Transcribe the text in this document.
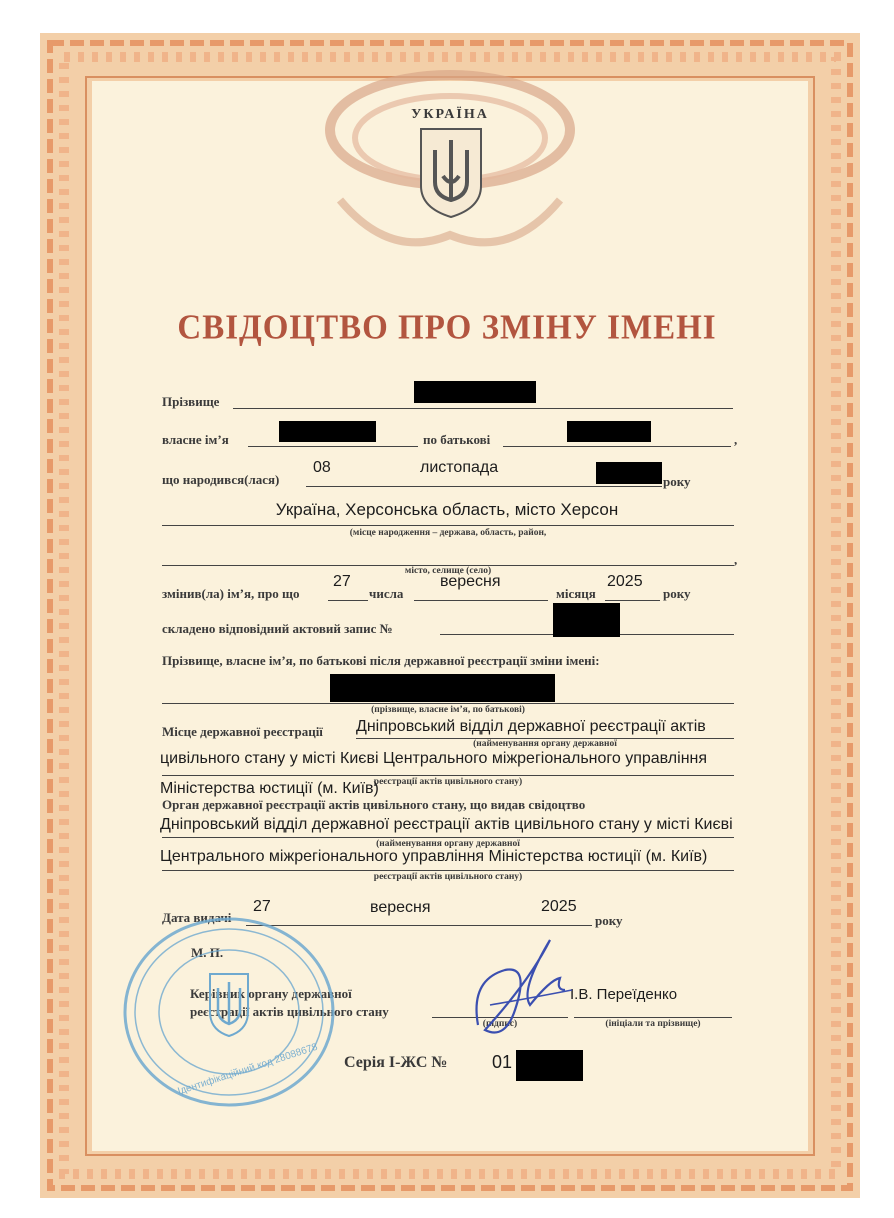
УКРАЇНА
СВІДОЦТВО ПРО ЗМІНУ ІМЕНІ
Прізвище
власне ім’я	по батькові	,
що народився(лася)
08	листопада
року
Україна, Херсонська область, місто Херсон
(місце народження – держава, область, район,
,
місто, селище (село)
змінив(ла) ім’я, про що
27
числа
вересня
місяця
2025
року
складено відповідний актовий запис №
Прізвище, власне ім’я, по батькові після державної реєстрації зміни імені:
(прізвище, власне ім’я, по батькові)
Місце державної реєстрації Дніпровський відділ державної реєстрації актів
(найменування органу державної
цивільного стану у місті Києві Центрального міжрегіонального управління
реєстрації актів цивільного стану)
Міністерства юстиції (м. Київ)
Орган державної реєстрації актів цивільного стану, що видав свідоцтво
Дніпровський відділ державної реєстрації актів цивільного стану у місті Києві
(найменування органу державної
Центрального міжрегіонального управління Міністерства юстиції (м. Київ)
реєстрації актів цивільного стану)
Дата видачі
27	вересня	2025
року
М. П.
Керівник органу державної
реєстрації актів цивільного стану
(підпис)
І.В. Переїденко
(ініціали та прізвище)
Ідентифікаційний код 28088678 Серія І-ЖС № 01
